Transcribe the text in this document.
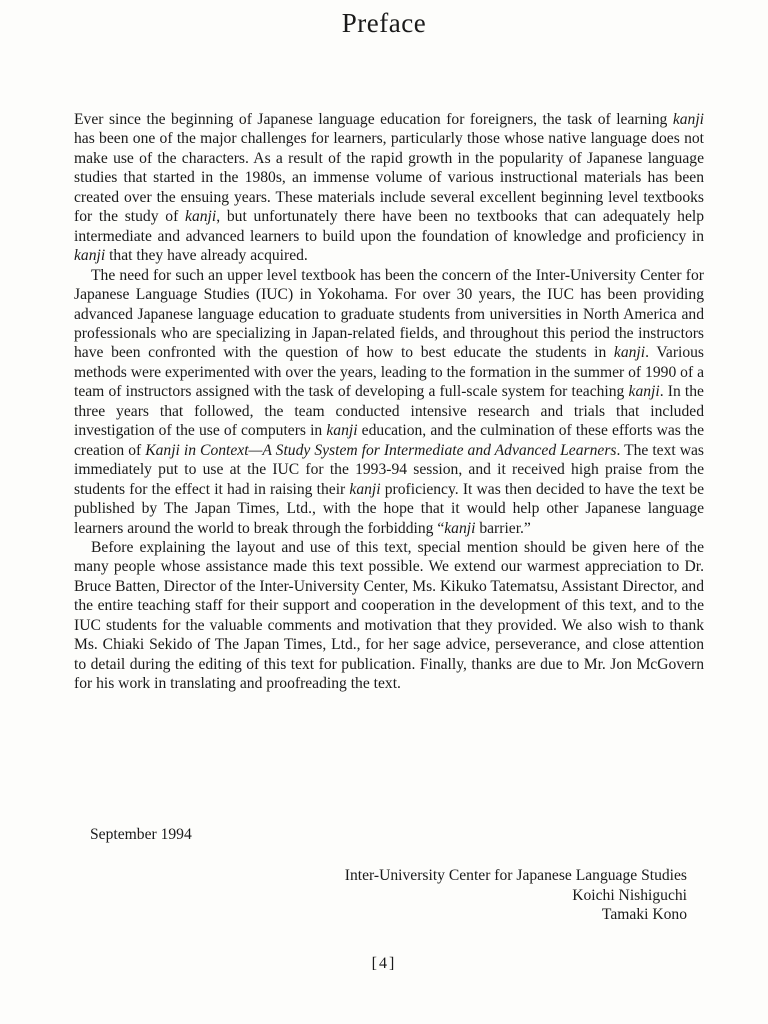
Preface

Ever since the beginning of Japanese language education for foreigners, the task of learning kanji has been one of the major challenges for learners, particularly those whose native language does not make use of the characters. As a result of the rapid growth in the popularity of Japanese language studies that started in the 1980s, an immense volume of various instructional materials has been created over the ensuing years. These materials include several excellent beginning level textbooks for the study of kanji, but unfortunately there have been no textbooks that can adequately help intermediate and advanced learners to build upon the foundation of knowledge and proficiency in kanji that they have already acquired.

The need for such an upper level textbook has been the concern of the Inter-University Center for Japanese Language Studies (IUC) in Yokohama. For over 30 years, the IUC has been providing advanced Japanese language education to graduate students from universities in North America and professionals who are specializing in Japan-related fields, and throughout this period the instructors have been confronted with the question of how to best educate the students in kanji. Various methods were experimented with over the years, leading to the formation in the summer of 1990 of a team of instructors assigned with the task of developing a full-scale system for teaching kanji. In the three years that followed, the team conducted intensive research and trials that included investigation of the use of computers in kanji education, and the culmination of these efforts was the creation of Kanji in Context—A Study System for Intermediate and Advanced Learners. The text was immediately put to use at the IUC for the 1993-94 session, and it received high praise from the students for the effect it had in raising their kanji proficiency. It was then decided to have the text be published by The Japan Times, Ltd., with the hope that it would help other Japanese language learners around the world to break through the forbidding “kanji barrier.”

Before explaining the layout and use of this text, special mention should be given here of the many people whose assistance made this text possible. We extend our warmest appreciation to Dr. Bruce Batten, Director of the Inter-University Center, Ms. Kikuko Tatematsu, Assistant Director, and the entire teaching staff for their support and cooperation in the development of this text, and to the IUC students for the valuable comments and motivation that they provided. We also wish to thank Ms. Chiaki Sekido of The Japan Times, Ltd., for her sage advice, perseverance, and close attention to detail during the editing of this text for publication. Finally, thanks are due to Mr. Jon McGovern for his work in translating and proofreading the text.

September 1994

Inter-University Center for Japanese Language Studies
Koichi Nishiguchi
Tamaki Kono
[4]
